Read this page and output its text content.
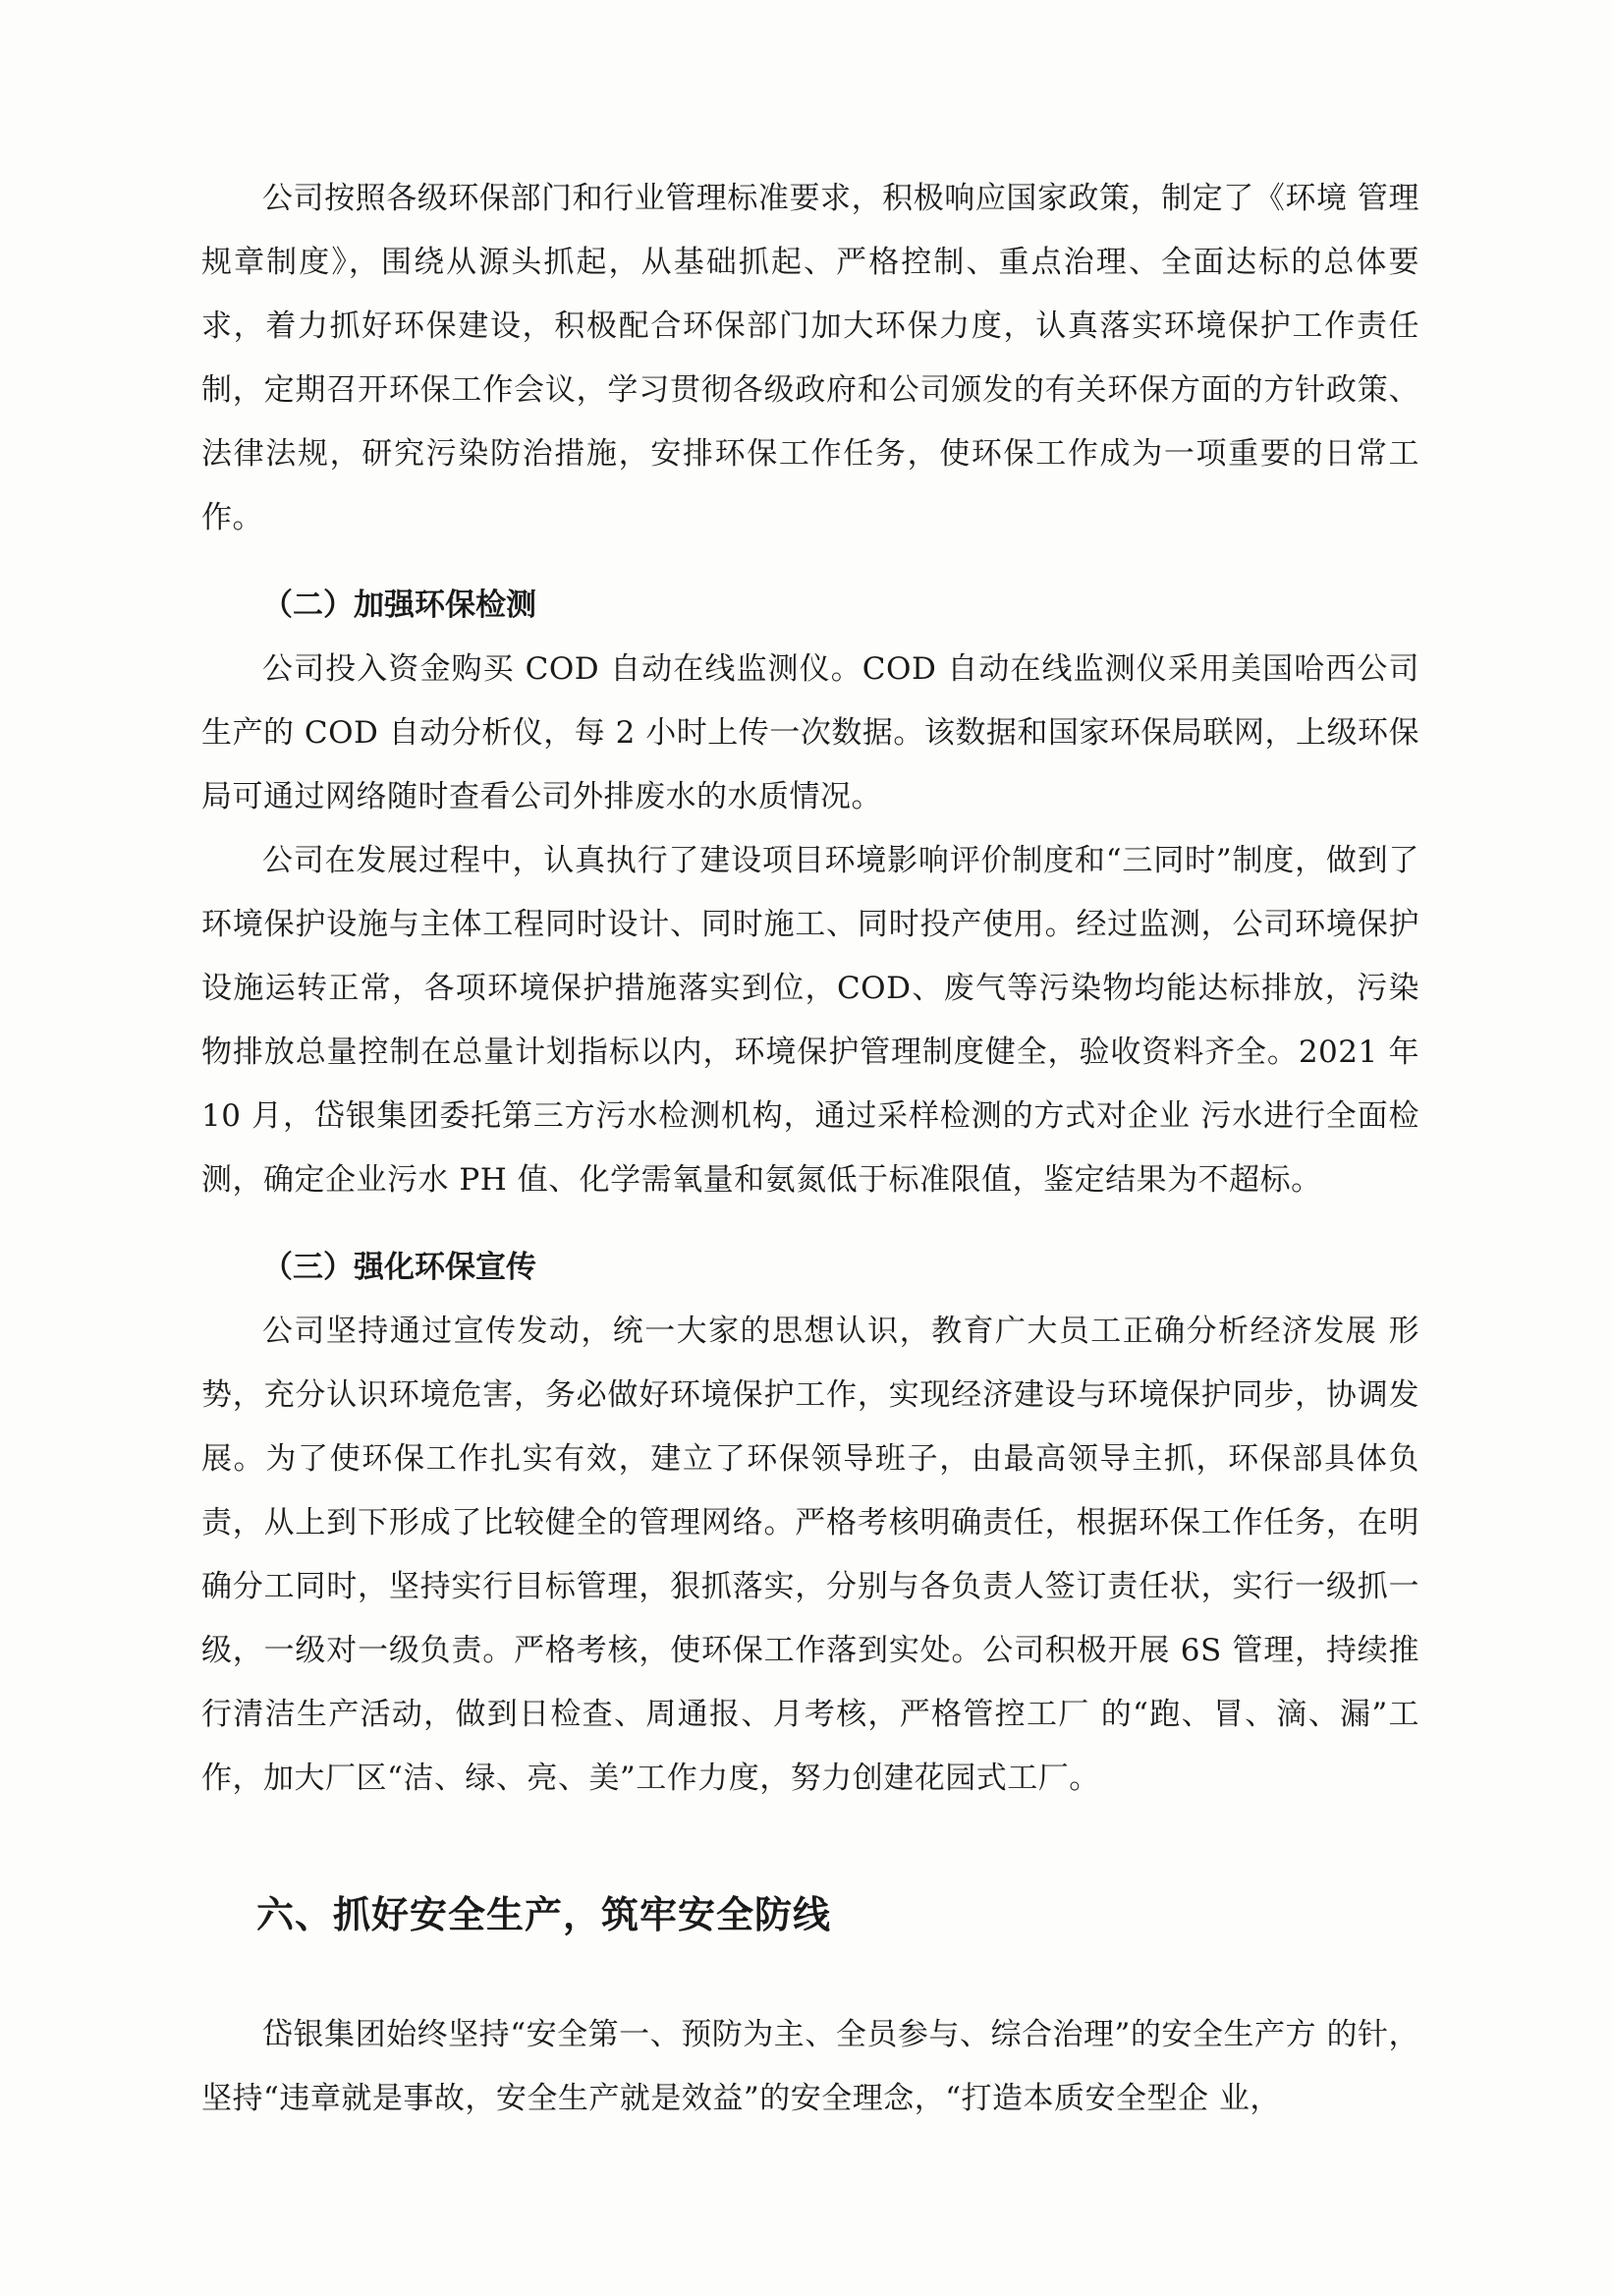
公司按照各级环保部门和行业管理标准要求，积极响应国家政策，制定了《环境 管理规章制度》，围绕从源头抓起，从基础抓起、严格控制、重点治理、全面达标的总体要求，着力抓好环保建设，积极配合环保部门加大环保力度，认真落实环境保护工作责任制，定期召开环保工作会议，学习贯彻各级政府和公司颁发的有关环保方面的方针政策、法律法规，研究污染防治措施，安排环保工作任务，使环保工作成为一项重要的日常工作。

（二）加强环保检测

公司投入资金购买 COD 自动在线监测仪。COD 自动在线监测仪采用美国哈西公司生产的 COD 自动分析仪，每 2 小时上传一次数据。该数据和国家环保局联网，上级环保局可通过网络随时查看公司外排废水的水质情况。

公司在发展过程中，认真执行了建设项目环境影响评价制度和“三同时”制度，做到了环境保护设施与主体工程同时设计、同时施工、同时投产使用。经过监测，公司环境保护设施运转正常，各项环境保护措施落实到位，COD、废气等污染物均能达标排放，污染物排放总量控制在总量计划指标以内，环境保护管理制度健全，验收资料齐全。2021 年 10 月，岱银集团委托第三方污水检测机构，通过采样检测的方式对企业 污水进行全面检测，确定企业污水 PH 值、化学需氧量和氨氮低于标准限值，鉴定结果为不超标。

（三）强化环保宣传

公司坚持通过宣传发动，统一大家的思想认识，教育广大员工正确分析经济发展 形势，充分认识环境危害，务必做好环境保护工作，实现经济建设与环境保护同步，协调发展。为了使环保工作扎实有效，建立了环保领导班子，由最高领导主抓，环保部具体负责，从上到下形成了比较健全的管理网络。严格考核明确责任，根据环保工作任务，在明确分工同时，坚持实行目标管理，狠抓落实，分别与各负责人签订责任状，实行一级抓一级，一级对一级负责。严格考核，使环保工作落到实处。公司积极开展 6S 管理，持续推行清洁生产活动，做到日检查、周通报、月考核，严格管控工厂 的“跑、冒、滴、漏”工作，加大厂区“洁、绿、亮、美”工作力度，努力创建花园式工厂。

六、抓好安全生产，筑牢安全防线

岱银集团始终坚持“安全第一、预防为主、全员参与、综合治理”的安全生产方 的针，坚持“违章就是事故，安全生产就是效益”的安全理念，“打造本质安全型企 业，
